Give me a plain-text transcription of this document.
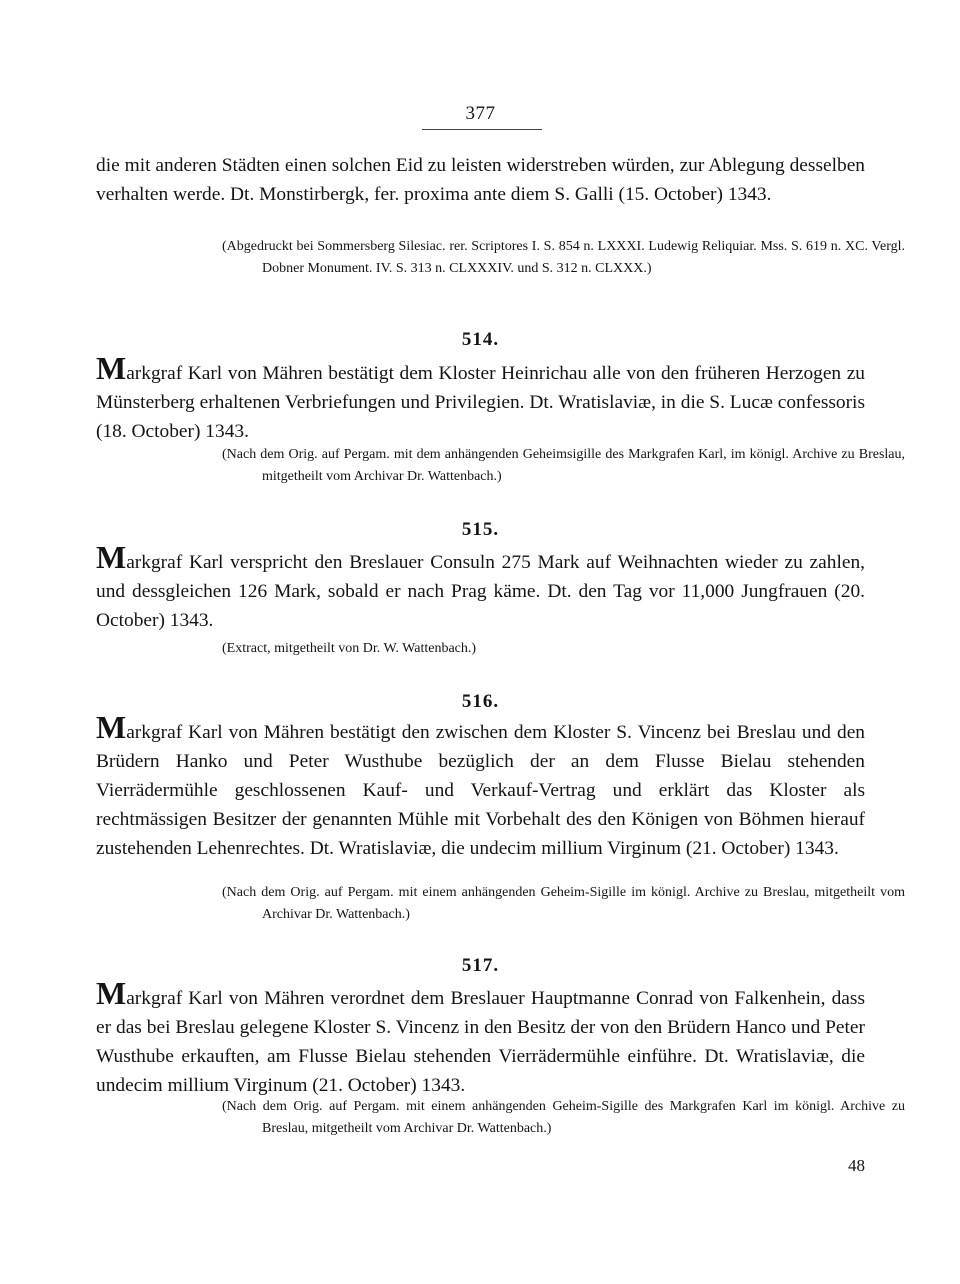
377

die mit anderen Städten einen solchen Eid zu leisten widerstreben würden, zur Ablegung desselben verhalten werde. Dt. Monstirbergk, fer. proxima ante diem S. Galli (15. October) 1343.

(Abgedruckt bei Sommersberg Silesiac. rer. Scriptores I. S. 854 n. LXXXI. Ludewig Reliquiar. Mss. S. 619 n. XC. Vergl. Dobner Monument. IV. S. 313 n. CLXXXIV. und S. 312 n. CLXXX.)

514.

Markgraf Karl von Mähren bestätigt dem Kloster Heinrichau alle von den früheren Herzogen zu Münsterberg erhaltenen Verbriefungen und Privilegien. Dt. Wratislaviæ, in die S. Lucæ confessoris (18. October) 1343.

(Nach dem Orig. auf Pergam. mit dem anhängenden Geheimsigille des Markgrafen Karl, im königl. Archive zu Breslau, mitgetheilt vom Archivar Dr. Wattenbach.)

515.

Markgraf Karl verspricht den Breslauer Consuln 275 Mark auf Weihnachten wieder zu zahlen, und dessgleichen 126 Mark, sobald er nach Prag käme. Dt. den Tag vor 11,000 Jungfrauen (20. October) 1343.

(Extract, mitgetheilt von Dr. W. Wattenbach.)

516.

Markgraf Karl von Mähren bestätigt den zwischen dem Kloster S. Vincenz bei Breslau und den Brüdern Hanko und Peter Wusthube bezüglich der an dem Flusse Bielau stehenden Vierrädermühle geschlossenen Kauf- und Verkauf-Vertrag und erklärt das Kloster als rechtmässigen Besitzer der genannten Mühle mit Vorbehalt des den Königen von Böhmen hierauf zustehenden Lehenrechtes. Dt. Wratislaviæ, die undecim millium Virginum (21. October) 1343.

(Nach dem Orig. auf Pergam. mit einem anhängenden Geheim-Sigille im königl. Archive zu Breslau, mitgetheilt vom Archivar Dr. Wattenbach.)

517.

Markgraf Karl von Mähren verordnet dem Breslauer Hauptmanne Conrad von Falkenhein, dass er das bei Breslau gelegene Kloster S. Vincenz in den Besitz der von den Brüdern Hanco und Peter Wusthube erkauften, am Flusse Bielau stehenden Vierrädermühle einführe. Dt. Wratislaviæ, die undecim millium Virginum (21. October) 1343.

(Nach dem Orig. auf Pergam. mit einem anhängenden Geheim-Sigille des Markgrafen Karl im königl. Archive zu Breslau, mitgetheilt vom Archivar Dr. Wattenbach.)

48
